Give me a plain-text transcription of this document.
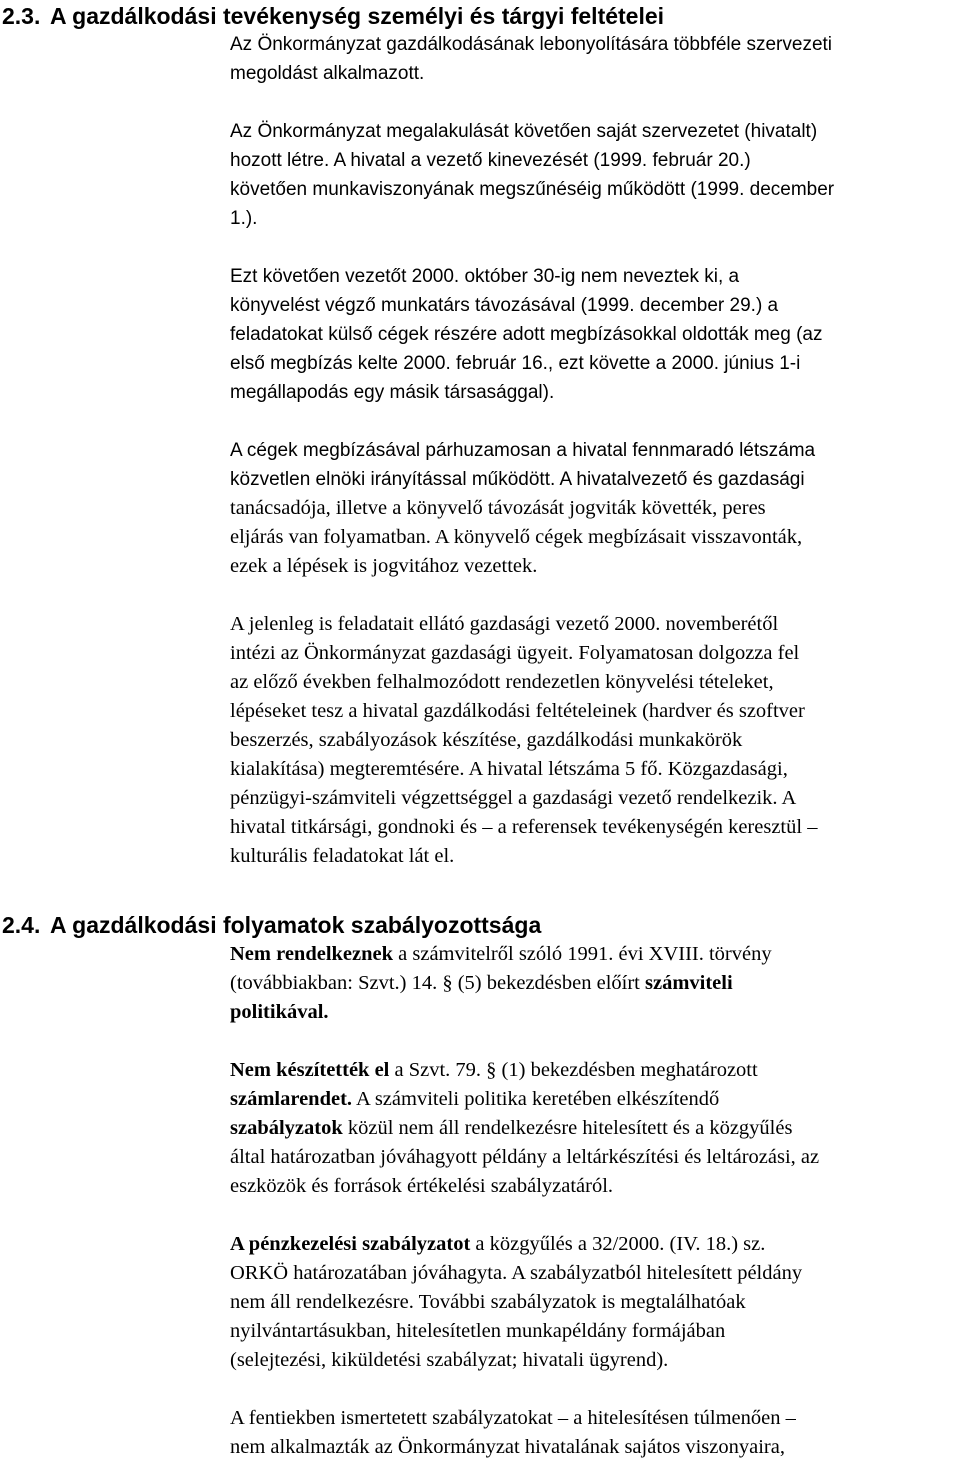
2.3. A gazdálkodási tevékenység személyi és tárgyi feltételei

Az Önkormányzat gazdálkodásának lebonyolítására többféle szervezeti

megoldást alkalmazott.

Az Önkormányzat megalakulását követően saját szervezetet (hivatalt)

hozott létre. A hivatal a vezető kinevezését (1999. február 20.)

követően munkaviszonyának megszűnéséig működött (1999. december

1.).

Ezt követően vezetőt 2000. október 30-ig nem neveztek ki, a

könyvelést végző munkatárs távozásával (1999. december 29.) a

feladatokat külső cégek részére adott megbízásokkal oldották meg (az

első megbízás kelte 2000. február 16., ezt követte a 2000. június 1-i

megállapodás egy másik társasággal).

A cégek megbízásával párhuzamosan a hivatal fennmaradó létszáma

közvetlen elnöki irányítással működött. A hivatalvezető és gazdasági

tanácsadója, illetve a könyvelő távozását jogviták követték, peres

eljárás van folyamatban. A könyvelő cégek megbízásait visszavonták,

ezek a lépések is jogvitához vezettek.

A jelenleg is feladatait ellátó gazdasági vezető 2000. novemberétől

intézi az Önkormányzat gazdasági ügyeit. Folyamatosan dolgozza fel

az előző években felhalmozódott rendezetlen könyvelési tételeket,

lépéseket tesz a hivatal gazdálkodási feltételeinek (hardver és szoftver

beszerzés, szabályozások készítése, gazdálkodási munkakörök

kialakítása) megteremtésére. A hivatal létszáma 5 fő. Közgazdasági,

pénzügyi-számviteli végzettséggel a gazdasági vezető rendelkezik. A

hivatal titkársági, gondnoki és – a referensek tevékenységén keresztül –

kulturális feladatokat lát el.

2.4. A gazdálkodási folyamatok szabályozottsága

Nem rendelkeznek a számvitelről szóló 1991. évi XVIII. törvény

(továbbiakban: Szvt.) 14. § (5) bekezdésben előírt számviteli

politikával.

Nem készítették el a Szvt. 79. § (1) bekezdésben meghatározott

számlarendet. A számviteli politika keretében elkészítendő

szabályzatok közül nem áll rendelkezésre hitelesített és a közgyűlés

által határozatban jóváhagyott példány a leltárkészítési és leltározási, az

eszközök és források értékelési szabályzatáról.

A pénzkezelési szabályzatot a közgyűlés a 32/2000. (IV. 18.) sz.

ORKÖ határozatában jóváhagyta. A szabályzatból hitelesített példány

nem áll rendelkezésre. További szabályzatok is megtalálhatóak

nyilvántartásukban, hitelesítetlen munkapéldány formájában

(selejtezési, kiküldetési szabályzat; hivatali ügyrend).

A fentiekben ismertetett szabályzatokat – a hitelesítésen túlmenően –

nem alkalmazták az Önkormányzat hivatalának sajátos viszonyaira,
